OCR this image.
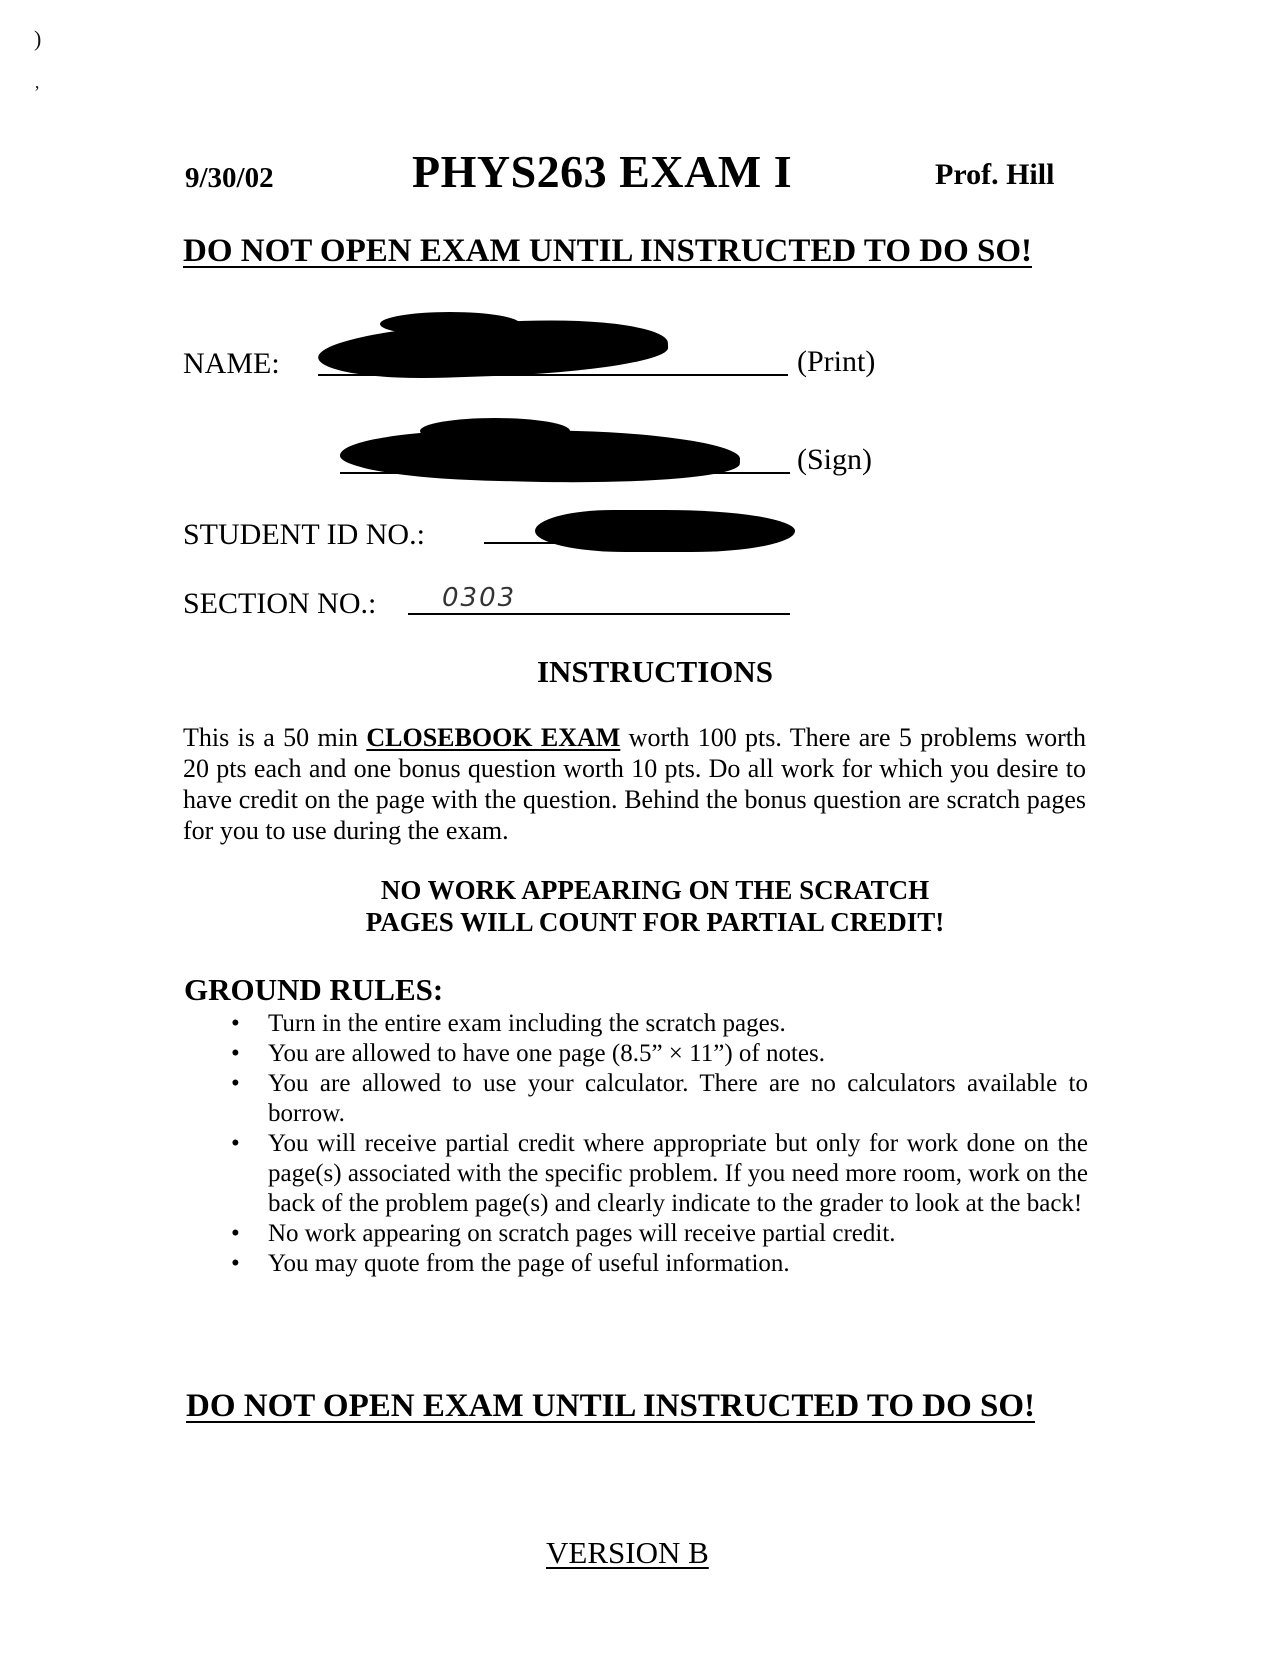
)
’
9/30/02	PHYS263 EXAM I	Prof. Hill
DO NOT OPEN EXAM UNTIL INSTRUCTED TO DO SO!
NAME:	(Print)
(Sign)
STUDENT ID NO.:
SECTION NO.:	0303
INSTRUCTIONS
This is a 50 min CLOSEBOOK EXAM worth 100 pts. There are 5 problems worth 20 pts each and one bonus question worth 10 pts. Do all work for which you desire to have credit on the page with the question. Behind the bonus question are scratch pages for you to use during the exam.
NO WORK APPEARING ON THE SCRATCH
PAGES WILL COUNT FOR PARTIAL CREDIT!
GROUND RULES:
• Turn in the entire exam including the scratch pages.
• You are allowed to have one page (8.5” × 11”) of notes.
• You are allowed to use your calculator. There are no calculators available to borrow.
• You will receive partial credit where appropriate but only for work done on the page(s) associated with the specific problem. If you need more room, work on the back of the problem page(s) and clearly indicate to the grader to look at the back!
• No work appearing on scratch pages will receive partial credit.
• You may quote from the page of useful information.
DO NOT OPEN EXAM UNTIL INSTRUCTED TO DO SO!
VERSION B
